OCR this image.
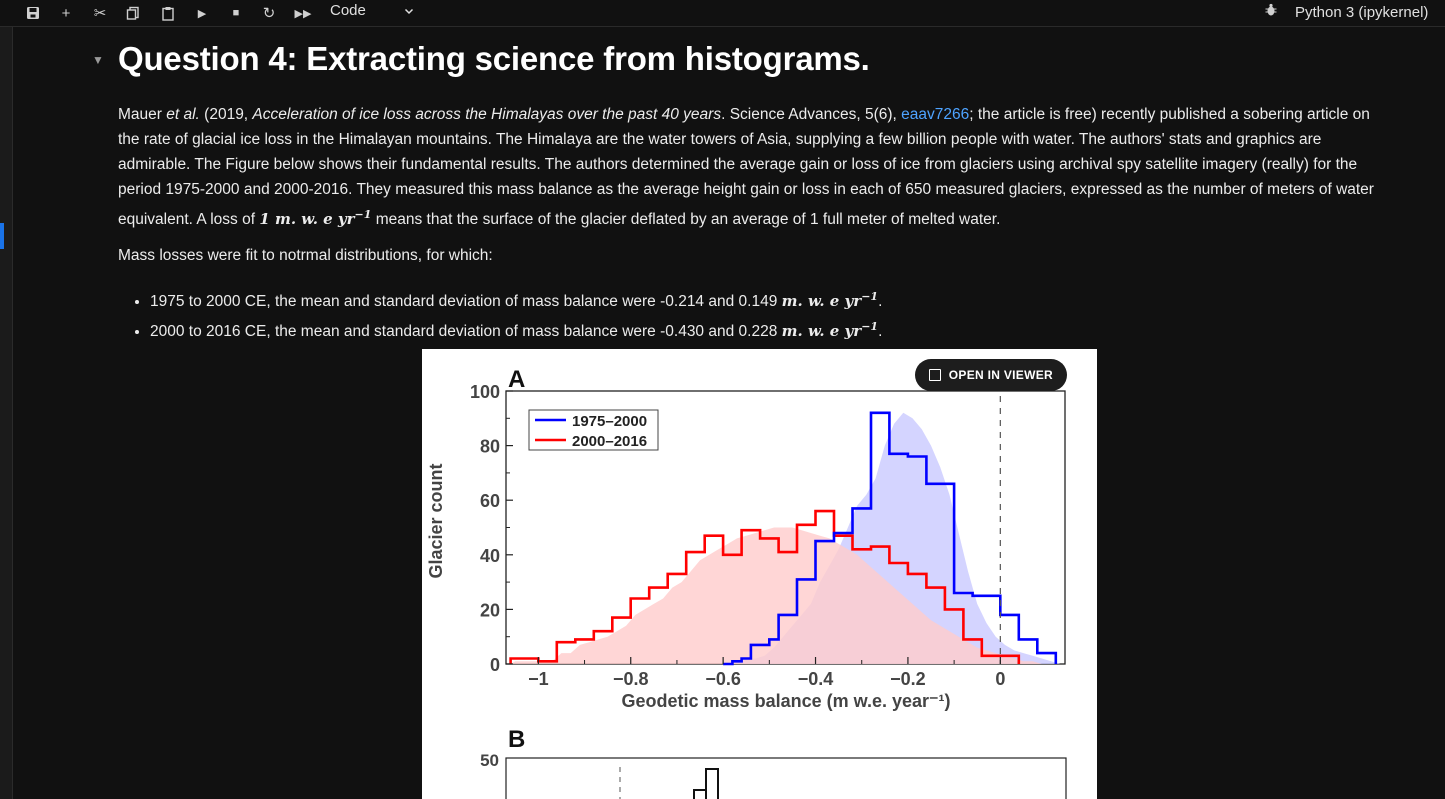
+	✂	▶	■	↻	▶▶ Code	Python 3 (ipykernel)
▼ Question 4: Extracting science from histograms.

Mauer et al. (2019, Acceleration of ice loss across the Himalayas over the past 40 years. Science Advances, 5(6), eaav7266; the article is free) recently published a sobering article on the rate of glacial ice loss in the Himalayan mountains. The Himalaya are the water towers of Asia, supplying a few billion people with water. The authors' stats and graphics are admirable. The Figure below shows their fundamental results. The authors determined the average gain or loss of ice from glaciers using archival spy satellite imagery (really) for the period 1975-2000 and 2000-2016. They measured this mass balance as the average height gain or loss in each of 650 measured glaciers, expressed as the number of meters of water equivalent. A loss of 1 m. w. e $yr^{-1}$ means that the surface of the glacier deflated by an average of 1 full meter of melted water.

Mass losses were fit to notrmal distributions, for which:

• 1975 to 2000 CE, the mean and standard deviation of mass balance were -0.214 and 0.149 m. w. e $yr^{-1}$.
• 2000 to 2016 CE, the mean and standard deviation of mass balance were -0.430 and 0.228 m. w. e $yr^{-1}$.
A
B
50
0
20
40
60
80
100
−1	−0.8	−0.6	−0.4	−0.2	0
1975–2000
2000–2016
Glacier count
Geodetic mass balance (m w.e. year⁻¹)
OPEN IN VIEWER
